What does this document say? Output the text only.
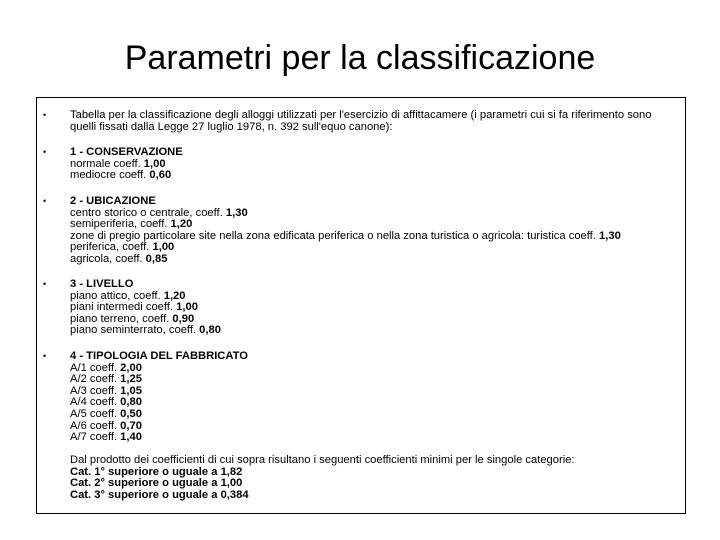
Parametri per la classificazione
• Tabella per la classificazione degli alloggi utilizzati per l'esercizio di affittacamere (i parametri cui si fa riferimento sono quelli fissati dalla Legge 27 luglio 1978, n. 392 sull'equo canone):
• 1 - CONSERVAZIONE
normale coeff. 1,00
mediocre coeff. 0,60
• 2 - UBICAZIONE
centro storico o centrale, coeff. 1,30
semiperiferia, coeff. 1,20
zone di pregio particolare site nella zona edificata periferica o nella zona turistica o agricola: turistica coeff. 1,30
periferica, coeff. 1,00
agricola, coeff. 0,85
• 3 - LIVELLO
piano attico, coeff. 1,20
piani intermedi coeff. 1,00
piano terreno, coeff. 0,90
piano seminterrato, coeff. 0,80
• 4 - TIPOLOGIA DEL FABBRICATO
A/1 coeff. 2,00
A/2 coeff. 1,25
A/3 coeff. 1,05
A/4 coeff. 0,80
A/5 coeff. 0,50
A/6 coeff. 0,70
A/7 coeff. 1,40
Dal prodotto dei coefficienti di cui sopra risultano i seguenti coefficienti minimi per le singole categorie:
Cat. 1° superiore o uguale a 1,82
Cat. 2° superiore o uguale a 1,00
Cat. 3° superiore o uguale a 0,384
